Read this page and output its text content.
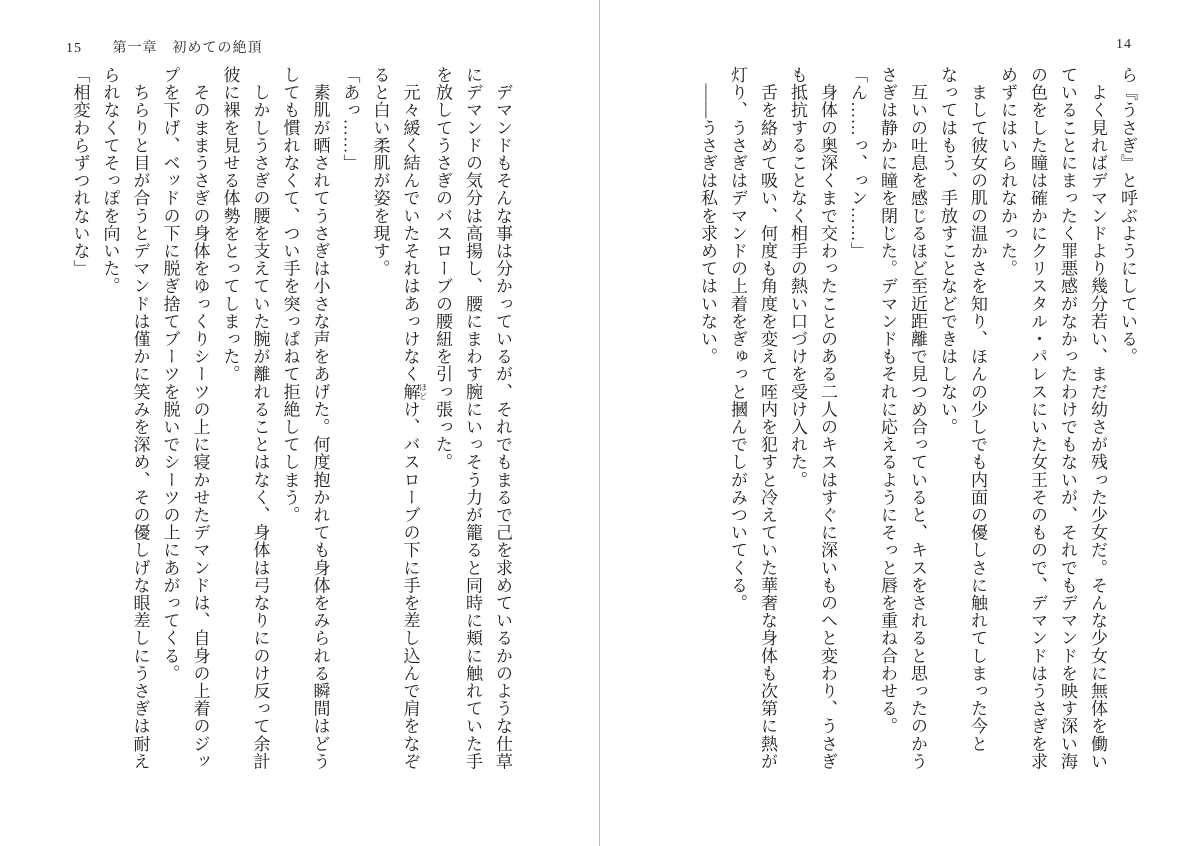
15 第一章　初めての絶頂

　デマンドもそんな事は分かっているが、それでもまるで己を求めているかのような仕草

にデマンドの気分は高揚し、腰にまわす腕にいっそう力が籠ると同時に頬に触れていた手

を放してうさぎのバスローブの腰紐を引っ張った。

　元々緩く結んでいたそれはあっけなく解 ほどけ、バスローブの下に手を差し込んで肩をなぞ

ると白い柔肌が姿を現す。

「あっ……」

　素肌が晒されてうさぎは小さな声をあげた。何度抱かれても身体をみられる瞬間はどう

しても慣れなくて、つい手を突っぱねて拒絶してしまう。

　しかしうさぎの腰を支えていた腕が離れることはなく、身体は弓なりにのけ反って余計

彼に裸を見せる体勢をとってしまった。

　そのままうさぎの身体をゆっくりシーツの上に寝かせたデマンドは、自身の上着のジッ

プを下げ、ベッドの下に脱ぎ捨てブーツを脱いでシーツの上にあがってくる。

　ちらりと目が合うとデマンドは僅かに笑みを深め、その優しげな眼差しにうさぎは耐え

られなくてそっぽを向いた。

「相変わらずつれないな」

14

ら『うさぎ』と呼ぶようにしている。

　よく見ればデマンドより幾分若い、まだ幼さが残った少女だ。そんな少女に無体を働い

ていることにまったく罪悪感がなかったわけでもないが、それでもデマンドを映す深い海

の色をした瞳は確かにクリスタル・パレスにいた女王そのもので、デマンドはうさぎを求

めずにはいられなかった。

　まして彼女の肌の温かさを知り、ほんの少しでも内面の優しさに触れてしまった今と

なってはもう、手放すことなどできはしない。

　互いの吐息を感じるほど至近距離で見つめ合っていると、キスをされると思ったのかう

さぎは静かに瞳を閉じた。デマンドもそれに応えるようにそっと唇を重ね合わせる。

「ん……っ、っン……」

　身体の奥深くまで交わったことのある二人のキスはすぐに深いものへと変わり、うさぎ

も抵抗することなく相手の熱い口づけを受け入れた。

　舌を絡めて吸い、何度も角度を変えて咥内を犯すと冷えていた華奢な身体も次第に熱が

灯り、うさぎはデマンドの上着をぎゅっと摑んでしがみついてくる。

　――うさぎは私を求めてはいない。
